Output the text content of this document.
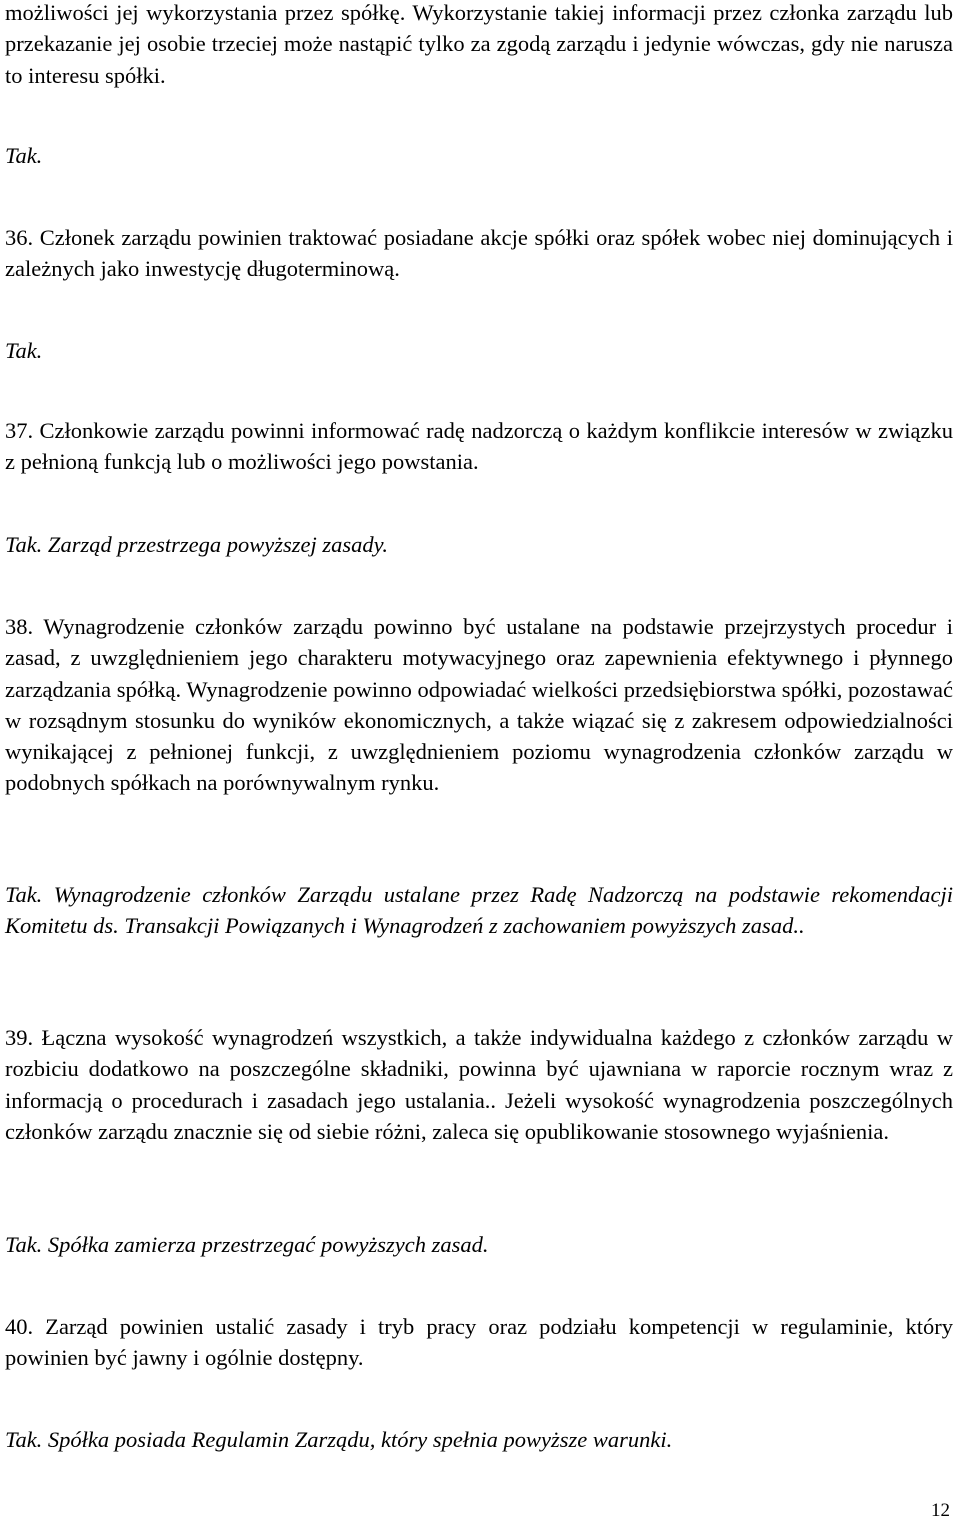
możliwości jej wykorzystania przez spółkę. Wykorzystanie takiej informacji przez członka zarządu lub przekazanie jej osobie trzeciej może nastąpić tylko za zgodą zarządu i jedynie wówczas, gdy nie narusza to interesu spółki.

Tak.

36. Członek zarządu powinien traktować posiadane akcje spółki oraz spółek wobec niej dominujących i zależnych jako inwestycję długoterminową.

Tak.

37. Członkowie zarządu powinni informować radę nadzorczą o każdym konflikcie interesów w związku z pełnioną funkcją lub o możliwości jego powstania.

Tak. Zarząd przestrzega powyższej zasady.

38. Wynagrodzenie członków zarządu powinno być ustalane na podstawie przejrzystych procedur i zasad, z uwzględnieniem jego charakteru motywacyjnego oraz zapewnienia efektywnego i płynnego zarządzania spółką. Wynagrodzenie powinno odpowiadać wielkości przedsiębiorstwa spółki, pozostawać w rozsądnym stosunku do wyników ekonomicznych, a także wiązać się z zakresem odpowiedzialności wynikającej z pełnionej funkcji, z uwzględnieniem poziomu wynagrodzenia członków zarządu w podobnych spółkach na porównywalnym rynku.

Tak. Wynagrodzenie członków Zarządu ustalane przez Radę Nadzorczą na podstawie rekomendacji Komitetu ds. Transakcji Powiązanych i Wynagrodzeń z zachowaniem powyższych zasad..

39. Łączna wysokość wynagrodzeń wszystkich, a także indywidualna każdego z członków zarządu w rozbiciu dodatkowo na poszczególne składniki, powinna być ujawniana w raporcie rocznym wraz z informacją o procedurach i zasadach jego ustalania.. Jeżeli wysokość wynagrodzenia poszczególnych członków zarządu znacznie się od siebie różni, zaleca się opublikowanie stosownego wyjaśnienia.

Tak. Spółka zamierza przestrzegać powyższych zasad.

40. Zarząd powinien ustalić zasady i tryb pracy oraz podziału kompetencji w regulaminie, który powinien być jawny i ogólnie dostępny.

Tak. Spółka posiada Regulamin Zarządu, który spełnia powyższe warunki.

12
